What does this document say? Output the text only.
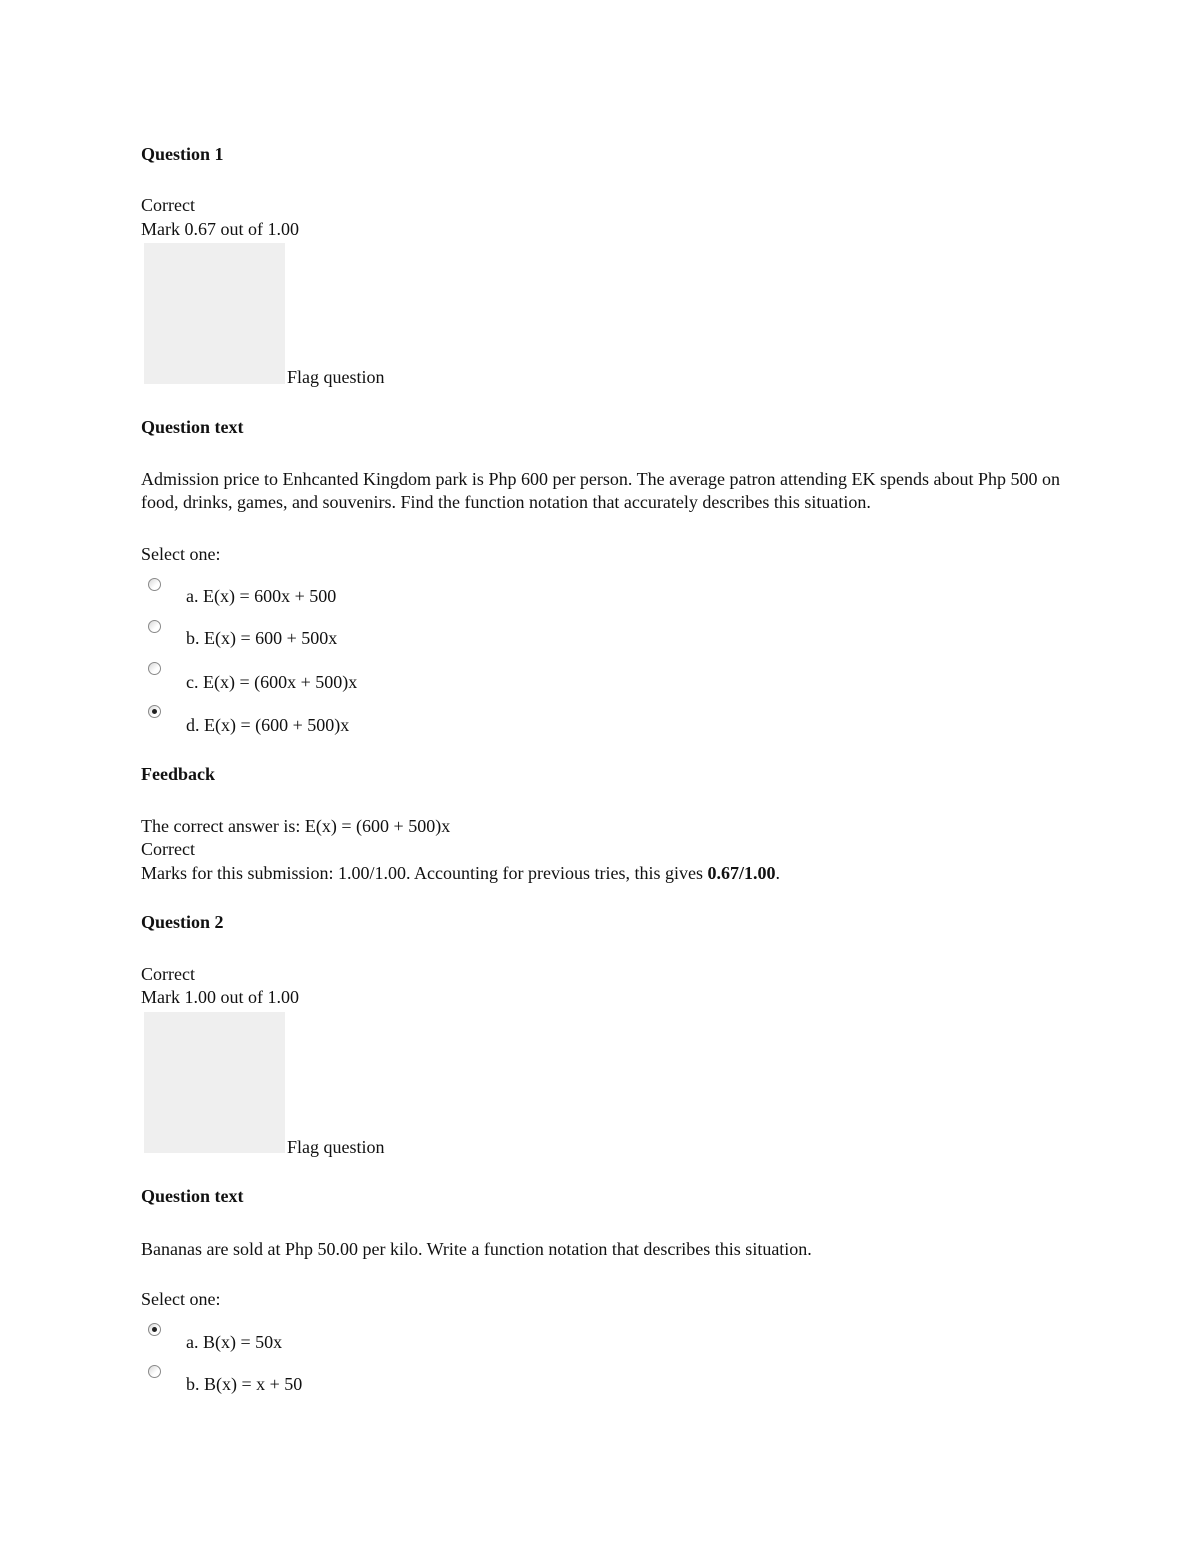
Question 1
Correct
Mark 0.67 out of 1.00
Flag question
Question text
Admission price to Enhcanted Kingdom park is Php 600 per person. The average patron attending EK spends about Php 500 on food, drinks, games, and souvenirs. Find the function notation that accurately describes this situation.
Select one:
a. E(x) = 600x + 500
b. E(x) = 600 + 500x
c. E(x) = (600x + 500)x
d. E(x) = (600 + 500)x
Feedback
The correct answer is: E(x) = (600 + 500)x
Correct
Marks for this submission: 1.00/1.00. Accounting for previous tries, this gives 0.67/1.00.
Question 2
Correct
Mark 1.00 out of 1.00
Flag question
Question text
Bananas are sold at Php 50.00 per kilo. Write a function notation that describes this situation.
Select one:
a. B(x) = 50x
b. B(x) = x + 50
